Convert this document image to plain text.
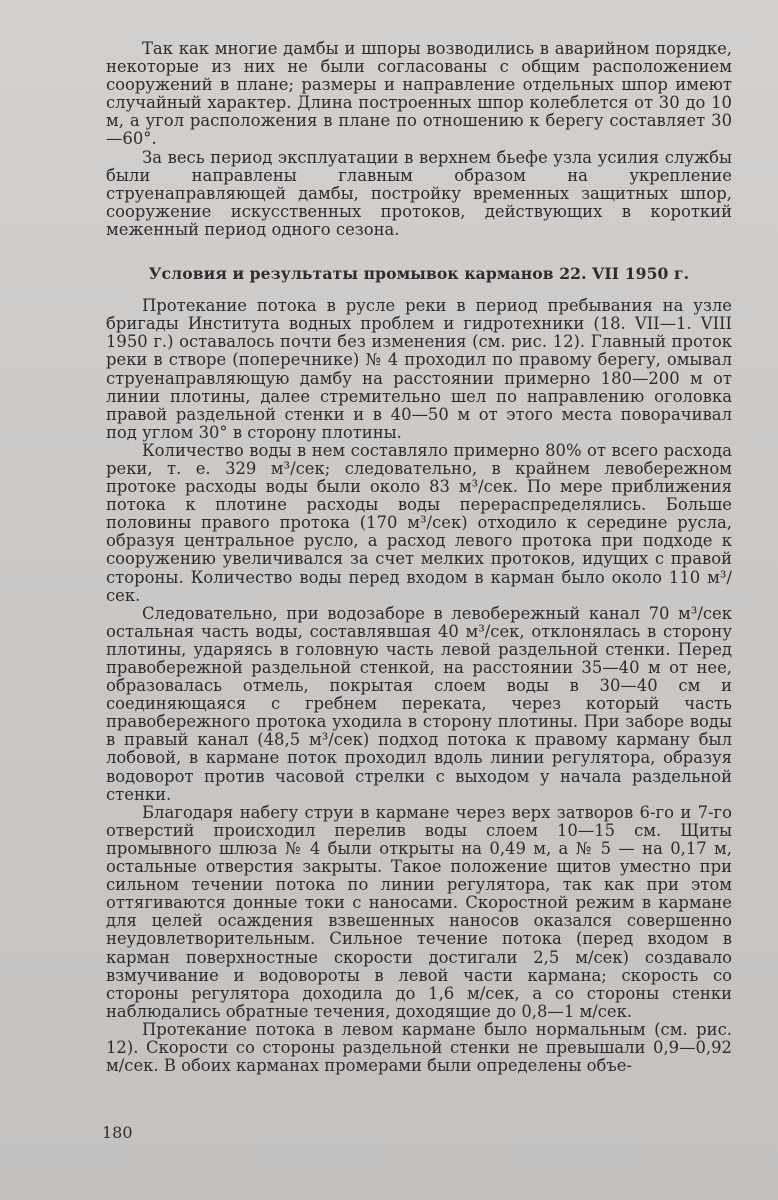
Так как многие дамбы и шпоры возводились в аварийном порядке, некоторые из них не были согласованы с общим расположением сооружений в плане; размеры и направление отдельных шпор имеют случайный характер. Длина построенных шпор колеблется от 30 до 10 м, а угол расположения в плане по отношению к берегу составляет 30—60°.

За весь период эксплуатации в верхнем бьефе узла усилия службы были направлены главным образом на укрепление струенаправляющей дамбы, постройку временных защитных шпор, сооружение искусственных протоков, действующих в короткий меженный период одного сезона.

Условия и результаты промывок карманов 22. VII 1950 г.

Протекание потока в русле реки в период пребывания на узле бригады Института водных проблем и гидротехники (18. VII—1. VIII 1950 г.) оставалось почти без изменения (см. рис. 12). Главный проток реки в створе (поперечнике) № 4 проходил по правому берегу, омывал струенаправляющую дамбу на расстоянии примерно 180—200 м от линии плотины, далее стремительно шел по направлению оголовка правой раздельной стенки и в 40—50 м от этого места поворачивал под углом 30° в сторону плотины.

Количество воды в нем составляло примерно 80% от всего расхода реки, т. е. 329 м³/сек; следовательно, в крайнем левобережном протоке расходы воды были около 83 м³/сек. По мере приближения потока к плотине расходы воды перераспределялись. Больше половины правого протока (170 м³/сек) отходило к середине русла, образуя центральное русло, а расход левого протока при подходе к сооружению увеличивался за счет мелких протоков, идущих с правой стороны. Количество воды перед входом в карман было около 110 м³/сек.

Следовательно, при водозаборе в левобережный канал 70 м³/сек остальная часть воды, составлявшая 40 м³/сек, отклонялась в сторону плотины, ударяясь в головную часть левой раздельной стенки. Перед правобережной раздельной стенкой, на расстоянии 35—40 м от нее, образовалась отмель, покрытая слоем воды в 30—40 см и соединяющаяся с гребнем переката, через который часть правобережного протока уходила в сторону плотины. При заборе воды в правый канал (48,5 м³/сек) подход потока к правому карману был лобовой, в кармане поток проходил вдоль линии регулятора, образуя водоворот против часовой стрелки с выходом у начала раздельной стенки.

Благодаря набегу струи в кармане через верх затворов 6-го и 7-го отверстий происходил перелив воды слоем 10—15 см. Щиты промывного шлюза № 4 были открыты на 0,49 м, а № 5 — на 0,17 м, остальные отверстия закрыты. Такое положение щитов уместно при сильном течении потока по линии регулятора, так как при этом оттягиваются донные токи с наносами. Скоростной режим в кармане для целей осаждения взвешенных наносов оказался совершенно неудовлетворительным. Сильное течение потока (перед входом в карман поверхностные скорости достигали 2,5 м/сек) создавало взмучивание и водовороты в левой части кармана; скорость со стороны регулятора доходила до 1,6 м/сек, а со стороны стенки наблюдались обратные течения, доходящие до 0,8—1 м/сек.

Протекание потока в левом кармане было нормальным (см. рис. 12). Скорости со стороны раздельной стенки не превышали 0,9—0,92 м/сек. В обоих карманах промерами были определены объе-

180
